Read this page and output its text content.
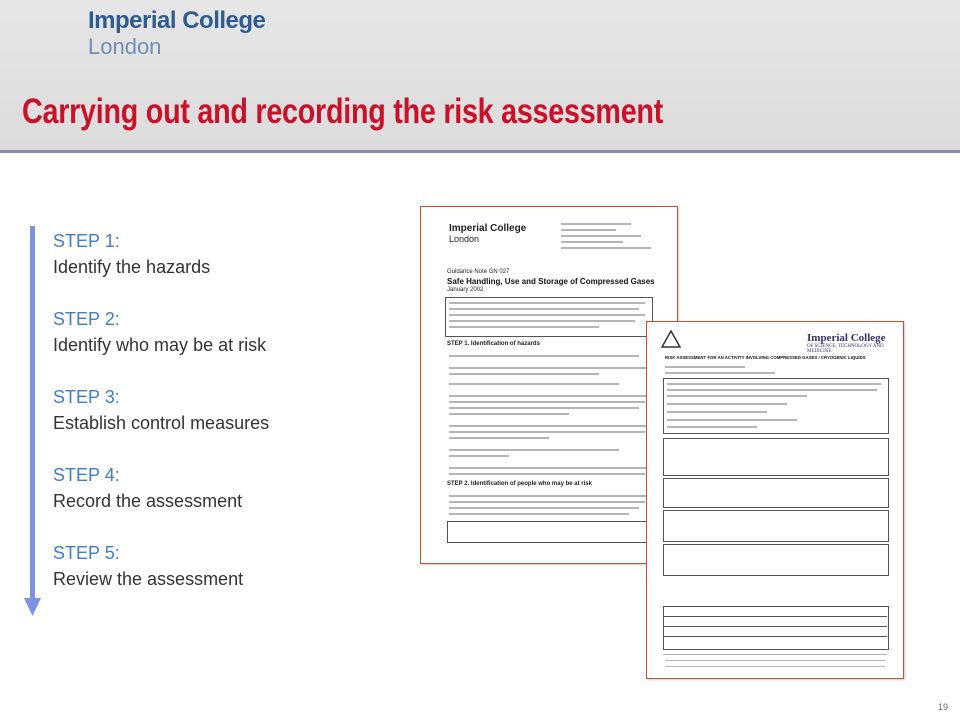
Imperial College
London
Carrying out and recording the risk assessment
STEP 1:
Identify the hazards
STEP 2:
Identify who may be at risk
STEP 3:
Establish control measures
STEP 4:
Record the assessment
STEP 5:
Review the assessment
Imperial College
London
Guidance Note GN 027
Safe Handling, Use and Storage of Compressed Gases
January 2002
STEP 1. Identification of hazards
STEP 2. Identification of people who may be at risk
Imperial College
OF SCIENCE, TECHNOLOGY AND MEDICINE
RISK ASSESSMENT FOR AN ACTIVITY INVOLVING COMPRESSED GASES / CRYOGENIC LIQUIDS
19
